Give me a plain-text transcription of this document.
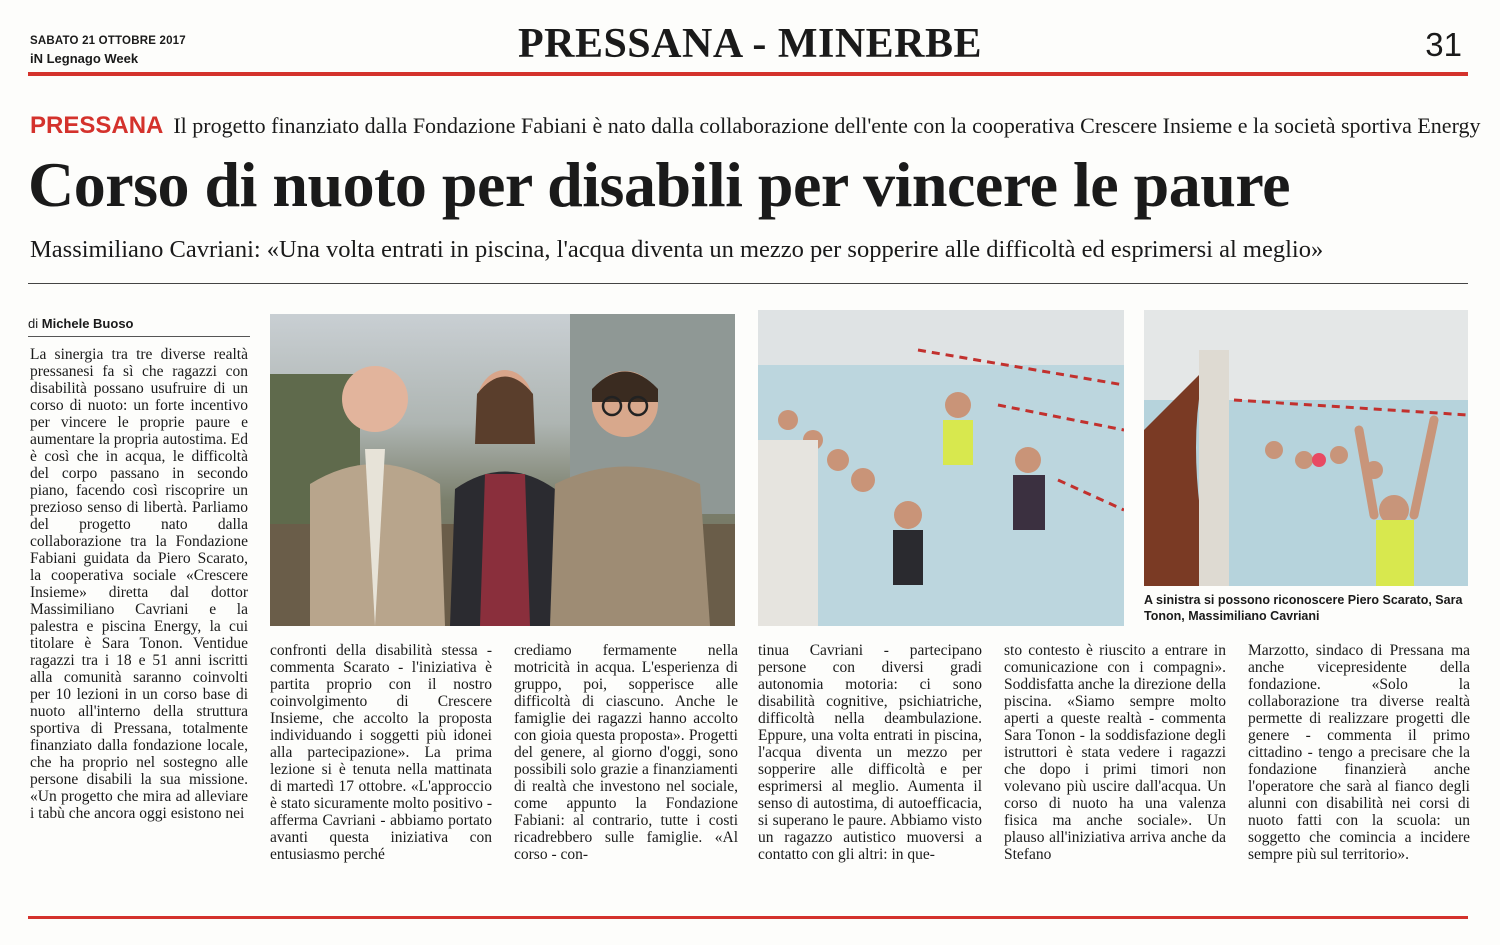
SABATO 21 OTTOBRE 2017
iN Legnago Week	PRESSANA - MINERBE	31
PRESSANA Il progetto finanziato dalla Fondazione Fabiani è nato dalla collaborazione dell'ente con la cooperativa Crescere Insieme e la società sportiva Energy
Corso di nuoto per disabili per vincere le paure
Massimiliano Cavriani: «Una volta entrati in piscina, l'acqua diventa un mezzo per sopperire alle difficoltà ed esprimersi al meglio»
di Michele Buoso
A sinistra si possono riconoscere Piero Scarato, Sara Tonon, Massimiliano Cavriani
La sinergia tra tre diverse realtà pressanesi fa sì che ragazzi con disabilità possano usufruire di un corso di nuoto: un forte incentivo per vincere le proprie paure e aumentare la propria autostima. Ed è così che in acqua, le difficoltà del corpo passano in secondo piano, facendo così riscoprire un prezioso senso di libertà. Parliamo del progetto nato dalla collaborazione tra la Fondazione Fabiani guidata da Piero Scarato, la cooperativa sociale «Crescere Insieme» diretta dal dottor Massimiliano Cavriani e la palestra e piscina Energy, la cui titolare è Sara Tonon. Ventidue ragazzi tra i 18 e 51 anni iscritti alla comunità saranno coinvolti per 10 lezioni in un corso base di nuoto all'interno della struttura sportiva di Pressana, totalmente finanziato dalla fondazione locale, che ha proprio nel sostegno alle persone disabili la sua missione. «Un progetto che mira ad alleviare i tabù che ancora oggi esistono nei
confronti della disabilità stessa - commenta Scarato - l'iniziativa è partita proprio con il nostro coinvolgimento di Crescere Insieme, che accolto la proposta individuando i soggetti più idonei alla partecipazione». La prima lezione si è tenuta nella mattinata di martedì 17 ottobre. «L'approccio è stato sicuramente molto positivo - afferma Cavriani - abbiamo portato avanti questa iniziativa con entusiasmo perché
crediamo fermamente nella motricità in acqua. L'esperienza di gruppo, poi, sopperisce alle difficoltà di ciascuno. Anche le famiglie dei ragazzi hanno accolto con gioia questa proposta». Progetti del genere, al giorno d'oggi, sono possibili solo grazie a finanziamenti di realtà che investono nel sociale, come appunto la Fondazione Fabiani: al contrario, tutte i costi ricadrebbero sulle famiglie. «Al corso - con-
tinua Cavriani - partecipano persone con diversi gradi autonomia motoria: ci sono disabilità cognitive, psichiatriche, difficoltà nella deambulazione. Eppure, una volta entrati in piscina, l'acqua diventa un mezzo per sopperire alle difficoltà e per esprimersi al meglio. Aumenta il senso di autostima, di autoefficacia, si superano le paure. Abbiamo visto un ragazzo autistico muoversi a contatto con gli altri: in que-
sto contesto è riuscito a entrare in comunicazione con i compagni». Soddisfatta anche la direzione della piscina. «Siamo sempre molto aperti a queste realtà - commenta Sara Tonon - la soddisfazione degli istruttori è stata vedere i ragazzi che dopo i primi timori non volevano più uscire dall'acqua. Un corso di nuoto ha una valenza fisica ma anche sociale». Un plauso all'iniziativa arriva anche da Stefano
Marzotto, sindaco di Pressana ma anche vicepresidente della fondazione. «Solo la collaborazione tra diverse realtà permette di realizzare progetti dle genere - commenta il primo cittadino - tengo a precisare che la fondazione finanzierà anche l'operatore che sarà al fianco degli alunni con disabilità nei corsi di nuoto fatti con la scuola: un soggetto che comincia a incidere sempre più sul territorio».
